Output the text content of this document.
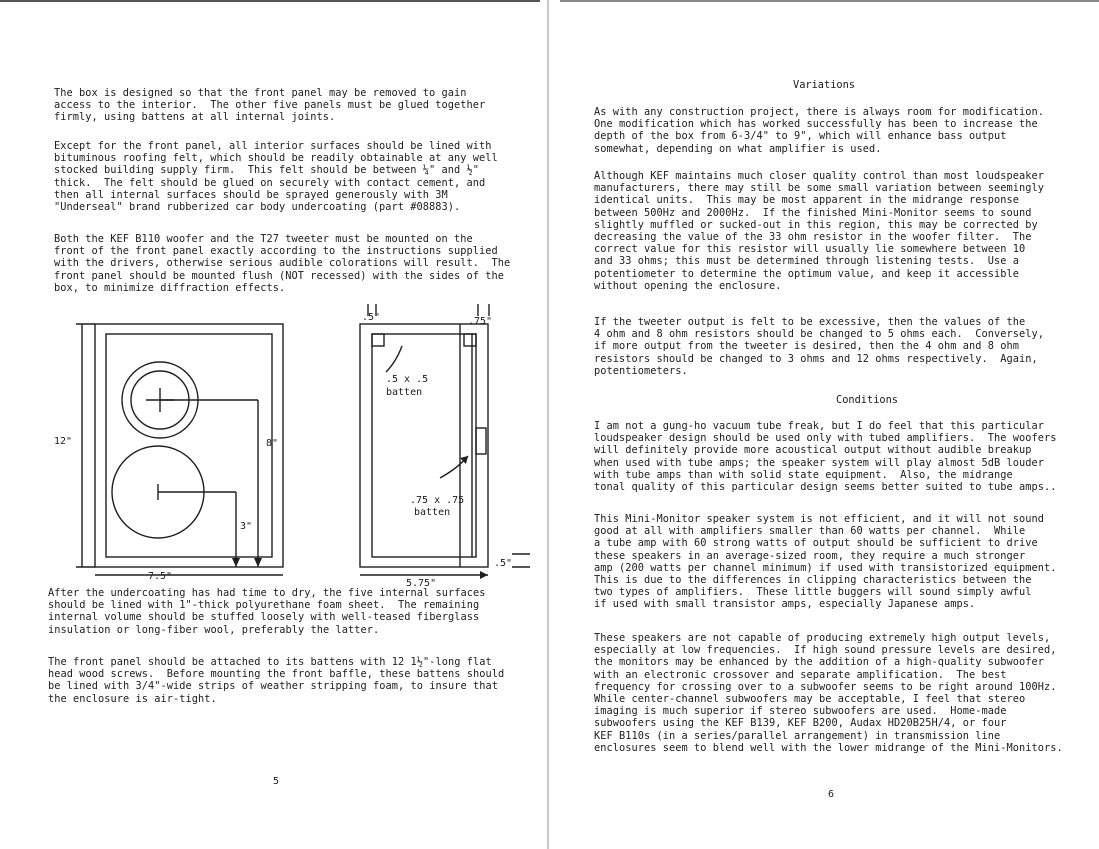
The box is designed so that the front panel may be removed to gain
access to the interior.  The other five panels must be glued together
firmly, using battens at all internal joints.
Except for the front panel, all interior surfaces should be lined with
bituminous roofing felt, which should be readily obtainable at any well
stocked building supply firm.  This felt should be between ¼" and ½"
thick.  The felt should be glued on securely with contact cement, and
then all internal surfaces should be sprayed generously with 3M
"Underseal" brand rubberized car body undercoating (part #08883).
Both the KEF B110 woofer and the T27 tweeter must be mounted on the
front of the front panel exactly according to the instructions supplied
with the drivers, otherwise serious audible colorations will result.  The
front panel should be mounted flush (NOT recessed) with the sides of the
box, to minimize diffraction effects.
12"	8"
3"
7.5"
5.75"
.5"	.75"
.5 x .5
batten
.75 x .75
batten
.5"
After the undercoating has had time to dry, the five internal surfaces
should be lined with 1"-thick polyurethane foam sheet.  The remaining
internal volume should be stuffed loosely with well-teased fiberglass
insulation or long-fiber wool, preferably the latter.
The front panel should be attached to its battens with 12 1½"-long flat
head wood screws.  Before mounting the front baffle, these battens should
be lined with 3/4"-wide strips of weather stripping foam, to insure that
the enclosure is air-tight.
5
Variations
As with any construction project, there is always room for modification.
One modification which has worked successfully has been to increase the
depth of the box from 6-3/4" to 9", which will enhance bass output
somewhat, depending on what amplifier is used.
Although KEF maintains much closer quality control than most loudspeaker
manufacturers, there may still be some small variation between seemingly
identical units.  This may be most apparent in the midrange response
between 500Hz and 2000Hz.  If the finished Mini-Monitor seems to sound
slightly muffled or sucked-out in this region, this may be corrected by
decreasing the value of the 33 ohm resistor in the woofer filter.  The
correct value for this resistor will usually lie somewhere between 10
and 33 ohms; this must be determined through listening tests.  Use a
potentiometer to determine the optimum value, and keep it accessible
without opening the enclosure.
If the tweeter output is felt to be excessive, then the values of the
4 ohm and 8 ohm resistors should be changed to 5 ohms each.  Conversely,
if more output from the tweeter is desired, then the 4 ohm and 8 ohm
resistors should be changed to 3 ohms and 12 ohms respectively.  Again,
potentiometers.
Conditions
I am not a gung-ho vacuum tube freak, but I do feel that this particular
loudspeaker design should be used only with tubed amplifiers.  The woofers
will definitely provide more acoustical output without audible breakup
when used with tube amps; the speaker system will play almost 5dB louder
with tube amps than with solid state equipment.  Also, the midrange
tonal quality of this particular design seems better suited to tube amps..
This Mini-Monitor speaker system is not efficient, and it will not sound
good at all with amplifiers smaller than 60 watts per channel.  While
a tube amp with 60 strong watts of output should be sufficient to drive
these speakers in an average-sized room, they require a much stronger
amp (200 watts per channel minimum) if used with transistorized equipment.
This is due to the differences in clipping characteristics between the
two types of amplifiers.  These little buggers will sound simply awful
if used with small transistor amps, especially Japanese amps.
These speakers are not capable of producing extremely high output levels,
especially at low frequencies.  If high sound pressure levels are desired,
the monitors may be enhanced by the addition of a high-quality subwoofer
with an electronic crossover and separate amplification.  The best
frequency for crossing over to a subwoofer seems to be right around 100Hz.
While center-channel subwoofers may be acceptable, I feel that stereo
imaging is much superior if stereo subwoofers are used.  Home-made
subwoofers using the KEF B139, KEF B200, Audax HD20B25H/4, or four
KEF B110s (in a series/parallel arrangement) in transmission line
enclosures seem to blend well with the lower midrange of the Mini-Monitors.
6
